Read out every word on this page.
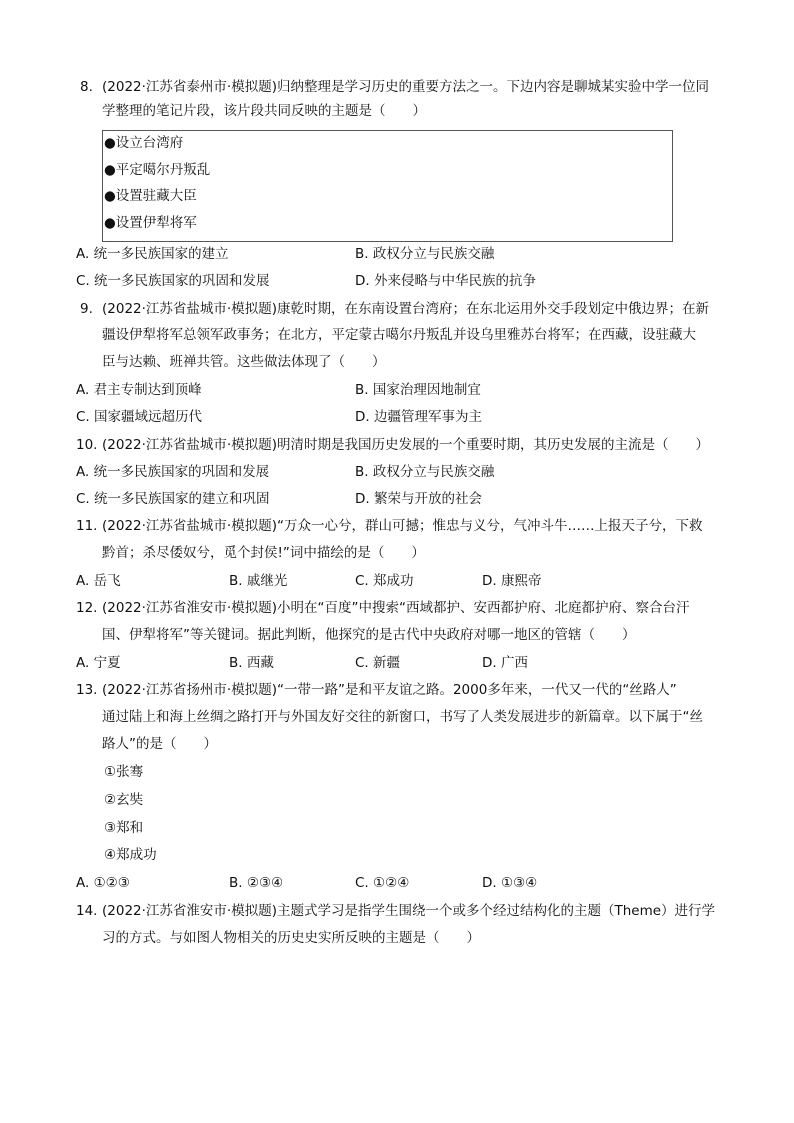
8. (2022·江苏省泰州市·模拟题)归纳整理是学习历史的重要方法之一。下边内容是聊城某实验中学一位同
学整理的笔记片段，该片段共同反映的主题是（　　）
●设立台湾府
●平定噶尔丹叛乱
●设置驻藏大臣
●设置伊犁将军
A. 统一多民族国家的建立	B. 政权分立与民族交融
C. 统一多民族国家的巩固和发展	D. 外来侵略与中华民族的抗争
9. (2022·江苏省盐城市·模拟题)康乾时期，在东南设置台湾府；在东北运用外交手段划定中俄边界；在新
疆设伊犁将军总领军政事务；在北方，平定蒙古噶尔丹叛乱并设乌里雅苏台将军；在西藏，设驻藏大
臣与达赖、班禅共管。这些做法体现了（　　）
A. 君主专制达到顶峰	B. 国家治理因地制宜
C. 国家疆域远超历代	D. 边疆管理军事为主
10. (2022·江苏省盐城市·模拟题)明清时期是我国历史发展的一个重要时期，其历史发展的主流是（　　）
A. 统一多民族国家的巩固和发展	B. 政权分立与民族交融
C. 统一多民族国家的建立和巩固	D. 繁荣与开放的社会
11. (2022·江苏省盐城市·模拟题)“万众一心兮，群山可撼；惟忠与义兮，气冲斗牛……上报天子兮，下救
黔首；杀尽倭奴兮，觅个封侯!”词中描绘的是（　　）
A. 岳飞	B. 戚继光	C. 郑成功	D. 康熙帝
12. (2022·江苏省淮安市·模拟题)小明在“百度”中搜索“西域都护、安西都护府、北庭都护府、察合台汗
国、伊犁将军”等关键词。据此判断，他探究的是古代中央政府对哪一地区的管辖（　　）
A. 宁夏	B. 西藏	C. 新疆	D. 广西
13. (2022·江苏省扬州市·模拟题)“一带一路”是和平友谊之路。2000多年来，一代又一代的“丝路人”
通过陆上和海上丝绸之路打开与外国友好交往的新窗口，书写了人类发展进步的新篇章。以下属于“丝
路人”的是（　　）
①张骞
②玄奘
③郑和
④郑成功
A. ①②③	B. ②③④	C. ①②④	D. ①③④
14. (2022·江苏省淮安市·模拟题)主题式学习是指学生围绕一个或多个经过结构化的主题（Theme）进行学
习的方式。与如图人物相关的历史史实所反映的主题是（　　）
